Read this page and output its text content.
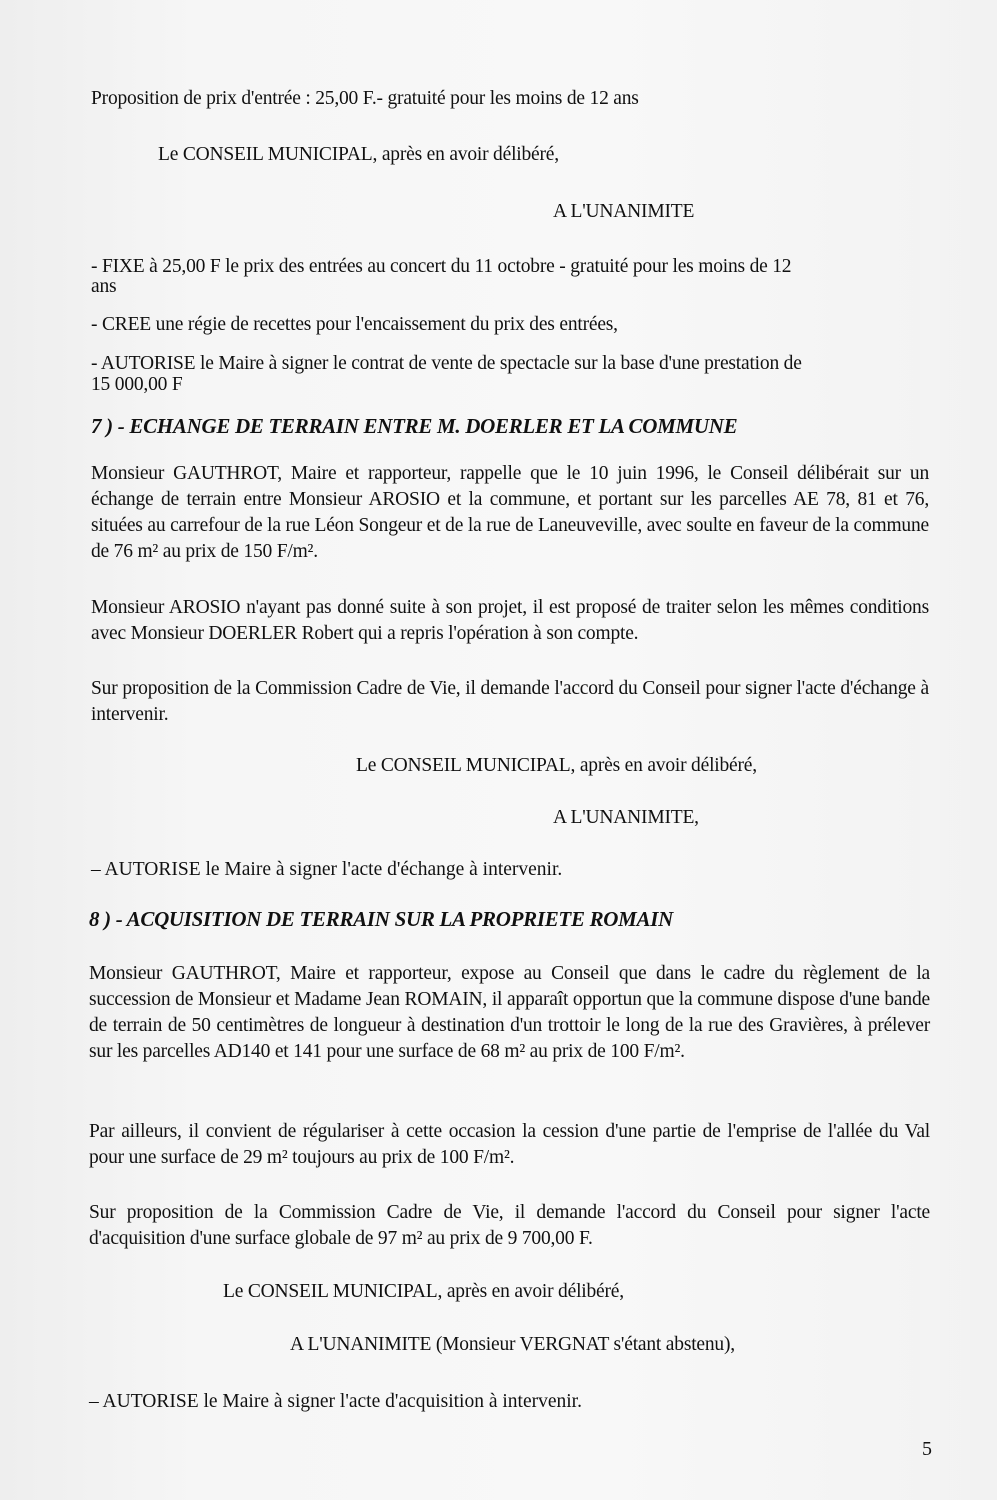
Proposition de prix d'entrée : 25,00 F.- gratuité pour les moins de 12 ans
Le CONSEIL MUNICIPAL, après en avoir délibéré,
A L'UNANIMITE
- FIXE à 25,00 F le prix des entrées au concert du 11 octobre - gratuité pour les moins de 12
ans
- CREE une régie de recettes pour l'encaissement du prix des entrées,
- AUTORISE le Maire à signer le contrat de vente de spectacle sur la base d'une prestation de
15 000,00 F
7 ) - ECHANGE DE TERRAIN ENTRE M. DOERLER ET LA COMMUNE
Monsieur GAUTHROT, Maire et rapporteur, rappelle que le 10 juin 1996, le Conseil délibérait sur un échange de terrain entre Monsieur AROSIO et la commune, et portant sur les parcelles AE 78, 81 et 76, situées au carrefour de la rue Léon Songeur et de la rue de Laneuveville, avec soulte en faveur de la commune de 76 m² au prix de 150 F/m².
Monsieur AROSIO n'ayant pas donné suite à son projet, il est proposé de traiter selon les mêmes conditions avec Monsieur DOERLER Robert qui a repris l'opération à son compte.
Sur proposition de la Commission Cadre de Vie, il demande l'accord du Conseil pour signer l'acte d'échange à intervenir.
Le CONSEIL MUNICIPAL, après en avoir délibéré,
A L'UNANIMITE,
– AUTORISE le Maire à signer l'acte d'échange à intervenir.
8 ) - ACQUISITION DE TERRAIN SUR LA PROPRIETE ROMAIN
Monsieur GAUTHROT, Maire et rapporteur, expose au Conseil que dans le cadre du règlement de la succession de Monsieur et Madame Jean ROMAIN, il apparaît opportun que la commune dispose d'une bande de terrain de 50 centimètres de longueur à destination d'un trottoir le long de la rue des Gravières, à prélever sur les parcelles AD140 et 141 pour une surface de 68 m² au prix de 100 F/m².
Par ailleurs, il convient de régulariser à cette occasion la cession d'une partie de l'emprise de l'allée du Val pour une surface de 29 m² toujours au prix de 100 F/m².
Sur proposition de la Commission Cadre de Vie, il demande l'accord du Conseil pour signer l'acte d'acquisition d'une surface globale de 97 m² au prix de 9 700,00 F.
Le CONSEIL MUNICIPAL, après en avoir délibéré,
A L'UNANIMITE (Monsieur VERGNAT s'étant abstenu),
– AUTORISE le Maire à signer l'acte d'acquisition à intervenir.
5
